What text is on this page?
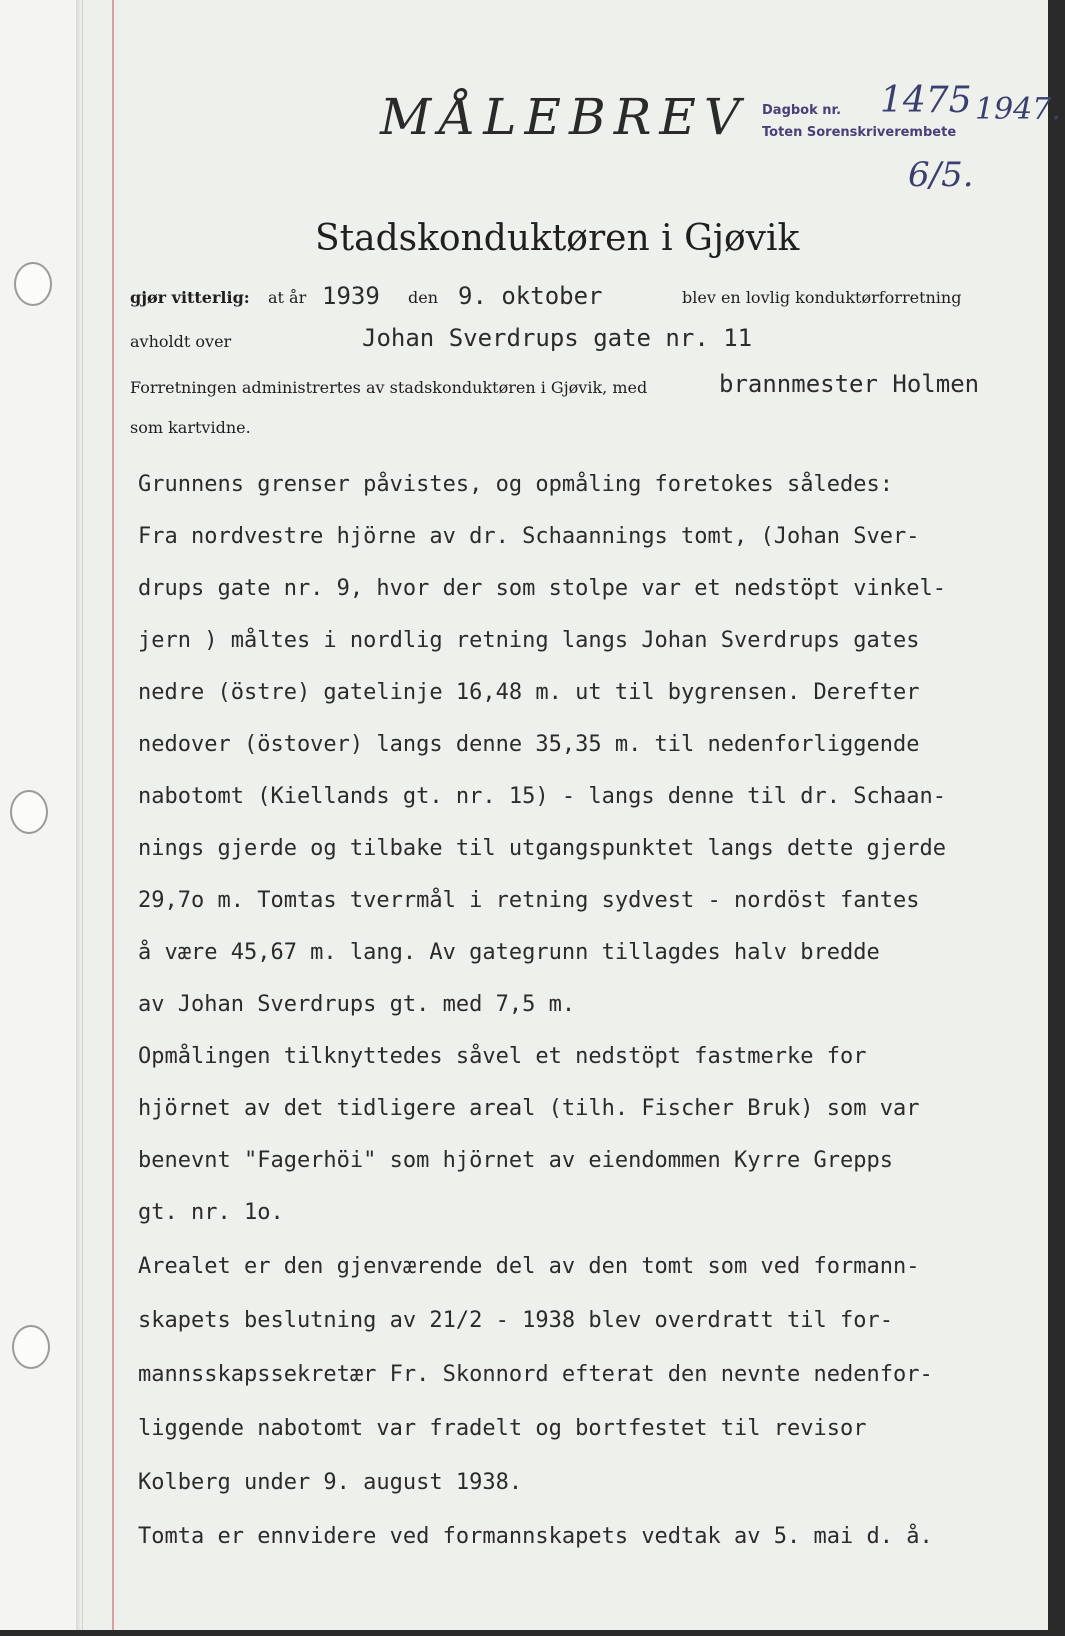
MÅLEBREV Dagbok nr.
Toten Sorenskriverembete
1475 1947.
6/5.
Stadskonduktøren i Gjøvik
gjør vitterlig: at år 1939 den 9. oktober	blev en lovlig konduktørforretning
avholdt over	Johan Sverdrups gate nr. 11
Forretningen administrertes av stadskonduktøren i Gjøvik, med	brannmester Holmen
som kartvidne.
Grunnens grenser påvistes, og opmåling foretokes således:
Fra nordvestre hjörne av dr. Schaannings tomt, (Johan Sver-
drups gate nr. 9, hvor der som stolpe var et nedstöpt vinkel-
jern ) måltes i nordlig retning langs Johan Sverdrups gates
nedre (östre) gatelinje 16,48 m. ut til bygrensen. Derefter
nedover (östover) langs denne 35,35 m. til nedenforliggende
nabotomt (Kiellands gt. nr. 15) - langs denne til dr. Schaan-
nings gjerde og tilbake til utgangspunktet langs dette gjerde
29,7o m. Tomtas tverrmål i retning sydvest - nordöst fantes
å være 45,67 m. lang. Av gategrunn tillagdes halv bredde
av Johan Sverdrups gt. med 7,5 m.
Opmålingen tilknyttedes såvel et nedstöpt fastmerke for
hjörnet av det tidligere areal (tilh. Fischer Bruk) som var
benevnt "Fagerhöi" som hjörnet av eiendommen Kyrre Grepps
gt. nr. 1o.
Arealet er den gjenværende del av den tomt som ved formann-
skapets beslutning av 21/2 - 1938 blev overdratt til for-
mannsskapssekretær Fr. Skonnord efterat den nevnte nedenfor-
liggende nabotomt var fradelt og bortfestet til revisor
Kolberg under 9. august 1938.
Tomta er ennvidere ved formannskapets vedtak av 5. mai d. å.
